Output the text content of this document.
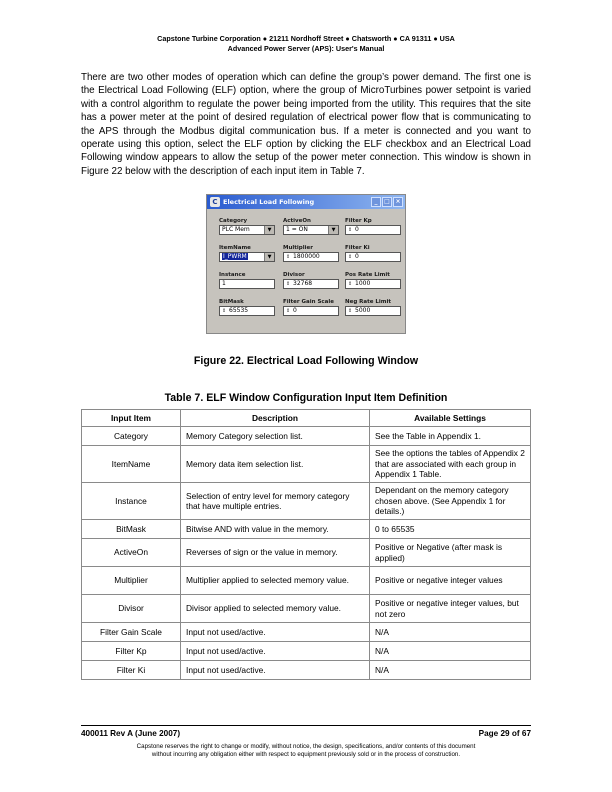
Capstone Turbine Corporation ● 21211 Nordhoff Street ● Chatsworth ● CA 91311 ● USA
Advanced Power Server (APS): User's Manual
There are two other modes of operation which can define the group’s power demand. The first one is the Electrical Load Following (ELF) option, where the group of MicroTurbines power setpoint is varied with a control algorithm to regulate the power being imported from the utility. This requires that the site has a power meter at the point of desired regulation of electrical power flow that is communicating to the APS through the Modbus digital communication bus. If a meter is connected and you want to operate using this option, select the ELF option by clicking the ELF checkbox and an Electrical Load Following window appears to allow the setup of the power meter connection. This window is shown in Figure 22 below with the description of each input item in Table 7.
C Electrical Load Following	_	□ ×
Category
PLC Mem	▼
ItemName
I_PWRM	▼
Instance
1
BitMask
⇕ 65535
ActiveOn
1 = ON	▼
Multiplier
⇕ 1800000
Divisor
⇕ 32768
Filter Gain Scale
⇕ 0
Filter Kp
⇕ 0
Filter Ki
⇕ 0
Pos Rate Limit
⇕ 1000
Neg Rate Limit
⇕ 5000
Figure 22. Electrical Load Following Window
Table 7. ELF Window Configuration Input Item Definition
Input Item	Description	Available Settings
Category	Memory Category selection list.	See the Table in Appendix 1.
ItemName	Memory data item selection list.	See the options the tables of Appendix 2 that are associated with each group in Appendix 1 Table.
Instance	Selection of entry level for memory category that have multiple entries.	Dependant on the memory category chosen above. (See Appendix 1 for details.)
BitMask	Bitwise AND with value in the memory.	0 to 65535
ActiveOn	Reverses of sign or the value in memory.	Positive or Negative (after mask is applied)
Multiplier	Multiplier applied to selected memory value.	Positive or negative integer values
Divisor	Divisor applied to selected memory value.	Positive or negative integer values, but not zero
Filter Gain Scale	Input not used/active.	N/A
Filter Kp	Input not used/active.	N/A
Filter Ki	Input not used/active.	N/A
400011 Rev A (June 2007)	Page 29 of 67
Capstone reserves the right to change or modify, without notice, the design, specifications, and/or contents of this document
without incurring any obligation either with respect to equipment previously sold or in the process of construction.
